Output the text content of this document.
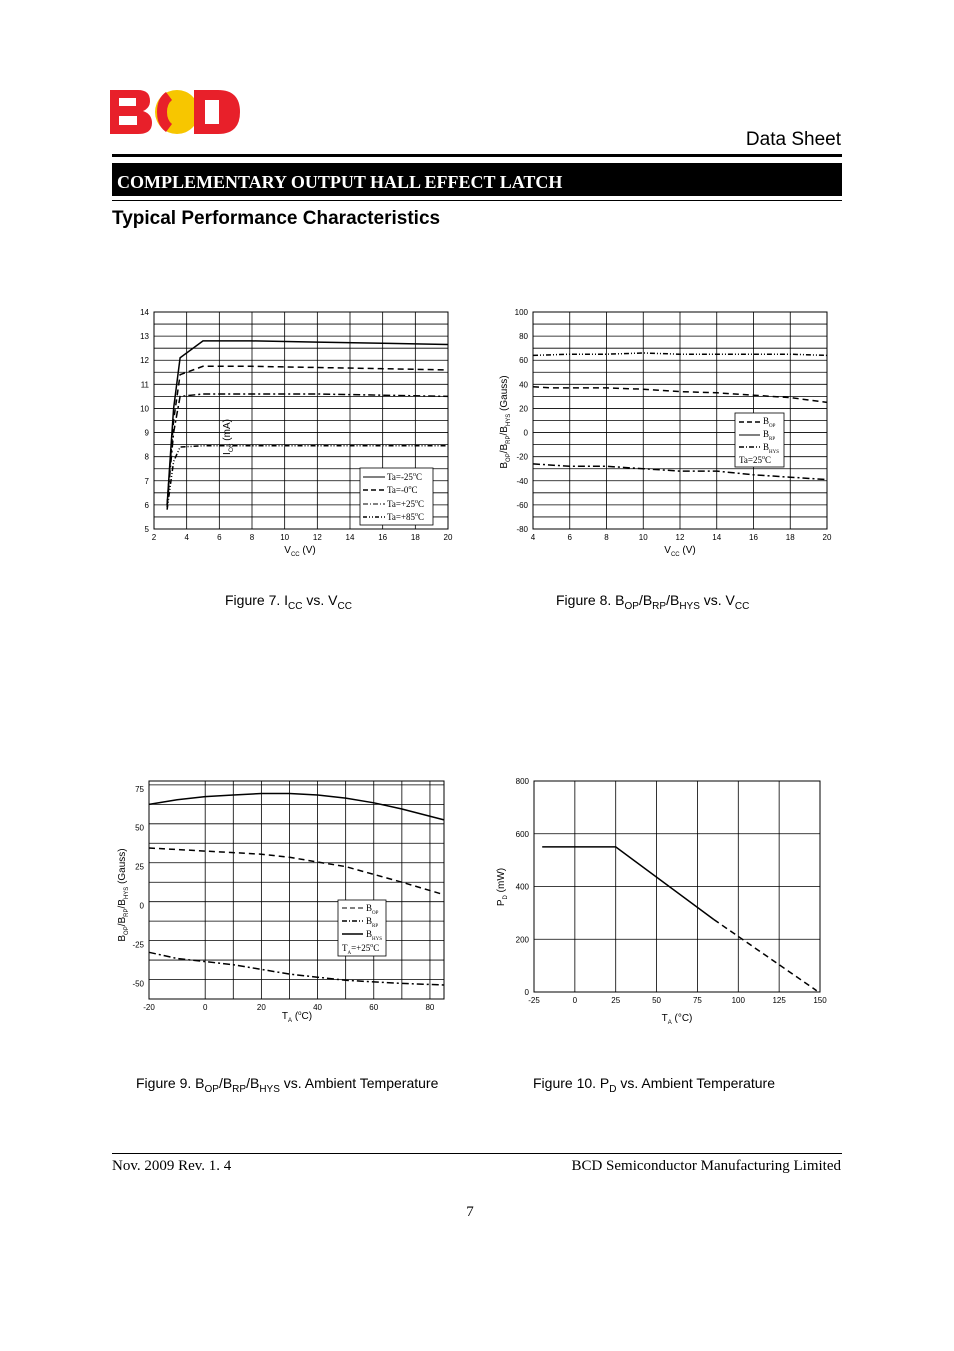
Data Sheet
AH276
COMPLEMENTARY OUTPUT HALL EFFECT LATCH
Typical Performance Characteristics
2	4	6	8	10	12	14	16	18	20
5
6
7
8
9
10
11
12
13
14
$I_{CC}$ (mA)
$V_{CC}$ (V)
$Ta=-25^oC$
$Ta=-0^oC$
$Ta=+25^oC$
$Ta=+85^oC$
Figure 7. $I_{CC}$ vs. $V_{CC}$
4	6	8	10	12	14	16	18	20
-80
-60
-40
-20
0
20
40
60
80
100
$B_{OP}/B_{RP}/B_{HYS}$ (Gauss)
$V_{CC}$ (V)
$B_{OP}$
$B_{RP}$
$B_{HYS}$
$Ta=25^oC$
Figure 8. $B_{OP}/B_{RP}/B_{HYS}$ vs. $V_{CC}$
-20	0	20	40	60	80
-50
-25
0
25
50
75
$B_{OP}/B_{RP}/B_{HYS}$ (Gauss)
$T_A$ ($^o$C)
$B_{OP}$
$B_{RP}$
$B_{HYS}$
$T_A=+25^oC$
Figure 9. $B_{OP}/B_{RP}/B_{HYS}$ vs. Ambient Temperature
-25	0	25	50	75	100	125	150
0
200
400
600
800
$P_D$ (mW)
$T_A$ (°C)
Figure 10. $P_D$ vs. Ambient Temperature
Nov. 2009 Rev. 1. 4	BCD Semiconductor Manufacturing Limited
7
